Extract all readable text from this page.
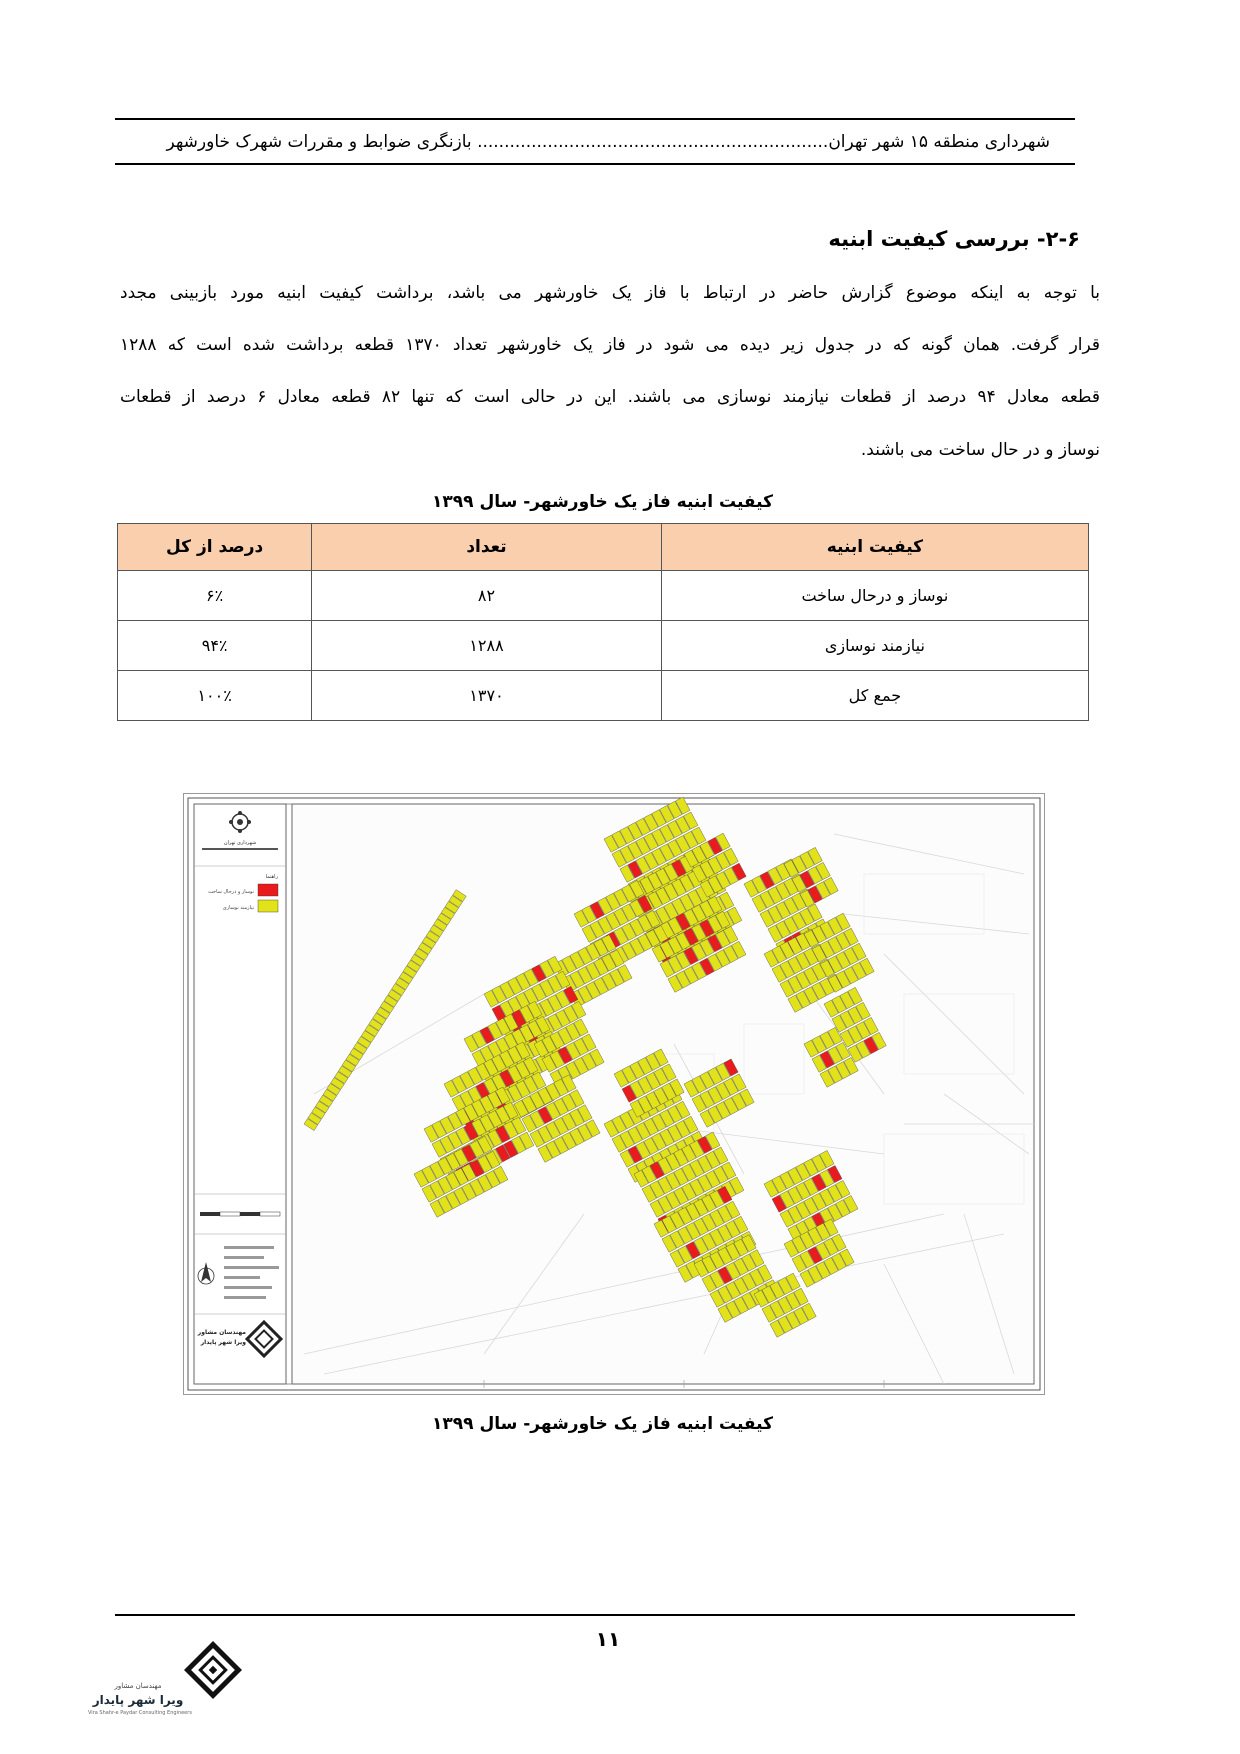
شهرداری منطقه ۱۵ شهر تهران................................................................. بازنگری ضوابط و مقررات شهرک خاورشهر
۲-۶- بررسی کیفیت ابنیه
با توجه به اینکه موضوع گزارش حاضر در ارتباط با فاز یک خاورشهر می باشد، برداشت کیفیت ابنیه مورد بازبینی مجدد
قرار گرفت. همان گونه که در جدول زیر دیده می شود در فاز یک خاورشهر تعداد ۱۳۷۰ قطعه برداشت شده است که ۱۲۸۸
قطعه معادل ۹۴ درصد از قطعات نیازمند نوسازی می باشند. این در حالی است که تنها ۸۲ قطعه معادل ۶ درصد از قطعات
نوساز و در حال ساخت می باشند.
کیفیت ابنیه فاز یک خاورشهر- سال ۱۳۹۹
کیفیت ابنیه	تعداد	درصد از کل
نوساز و درحال ساخت	۸۲	۶٪
نیازمند نوسازی	۱۲۸۸	۹۴٪
جمع کل	۱۳۷۰	۱۰۰٪
شهرداری تهران
راهنما
نوساز و درحال ساخت
نیازمند نوسازی
مهندسان مشاور
ویرا شهر پایدار
کیفیت ابنیه فاز یک خاورشهر- سال ۱۳۹۹
۱۱
مهندسان مشاور
ویرا شهر پایدار
Vira Shahr-e Paydar Consulting Engineers
